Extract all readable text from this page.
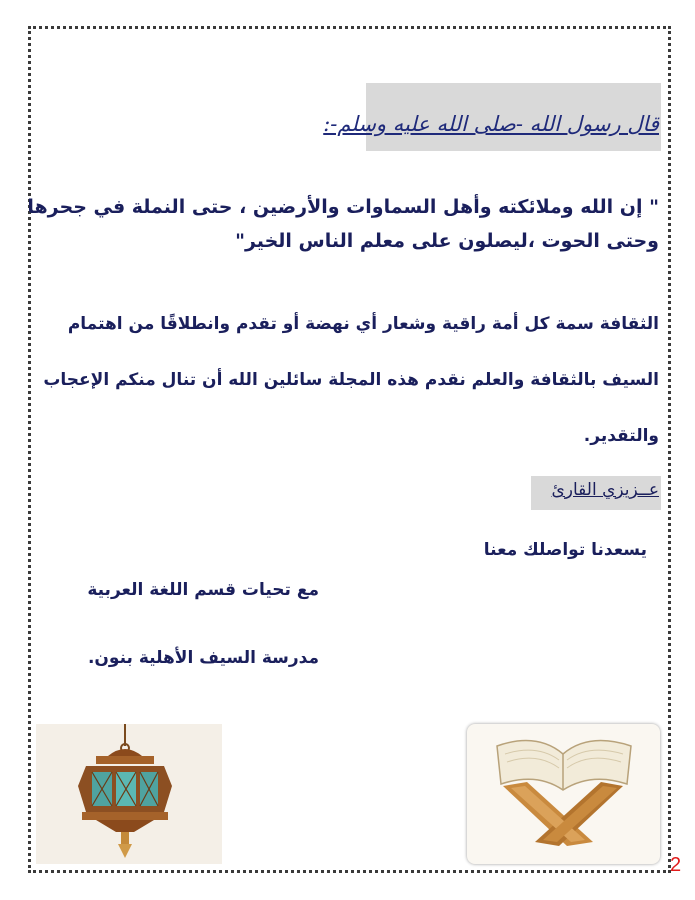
قال رسول الله -صلى الله عليه وسلم-:
" إن الله وملائكته وأهل السماوات والأرضين ، حتى النملة في جحرها
وحتى الحوت ،ليصلون على معلم الناس الخير"
الثقافة سمة كل أمة راقية وشعار أي نهضة أو تقدم وانطلاقًا من اهتمام
السيف بالثقافة والعلم نقدم هذه المجلة سائلين الله أن تنال منكم الإعجاب
والتقدير.
عــزيزي القارئ
يسعدنا تواصلك معنا
مع تحيات قسم اللغة العربية
مدرسة السيف الأهلية بنون.
2
